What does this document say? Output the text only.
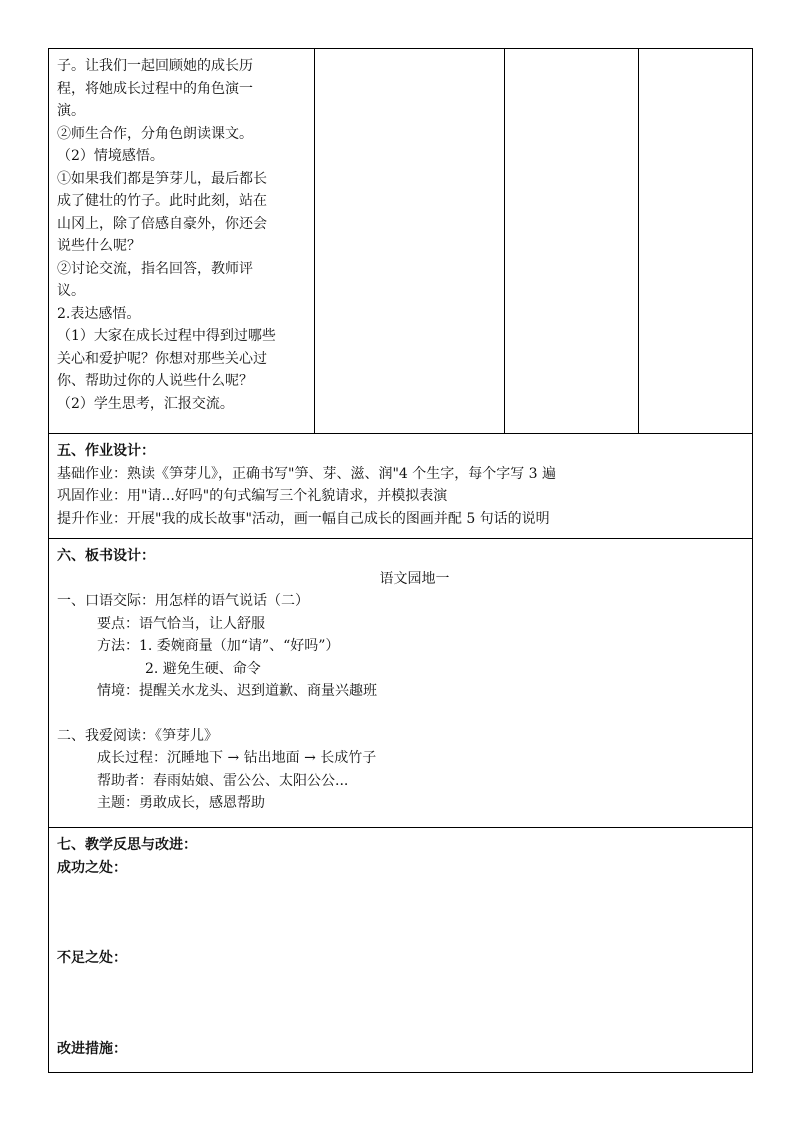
子。让我们一起回顾她的成长历
程，将她成长过程中的角色演一
演。
②师生合作，分角色朗读课文。
（2）情境感悟。
①如果我们都是笋芽儿，最后都长
成了健壮的竹子。此时此刻，站在
山冈上，除了倍感自豪外，你还会
说些什么呢？
②讨论交流，指名回答，教师评
议。
2.表达感悟。
（1）大家在成长过程中得到过哪些
关心和爱护呢？你想对那些关心过
你、帮助过你的人说些什么呢？
（2）学生思考，汇报交流。

五、作业设计：
基础作业：熟读《笋芽儿》，正确书写"笋、芽、滋、润"4 个生字，每个字写 3 遍
巩固作业：用"请...好吗"的句式编写三个礼貌请求，并模拟表演
提升作业：开展"我的成长故事"活动，画一幅自己成长的图画并配 5 句话的说明

六、板书设计：
语文园地一
一、口语交际：用怎样的语气说话（二）
要点：语气恰当，让人舒服
方法：1. 委婉商量（加“请”、“好吗”）
2. 避免生硬、命令
情境：提醒关水龙头、迟到道歉、商量兴趣班
二、我爱阅读：《笋芽儿》
成长过程：沉睡地下 → 钻出地面 → 长成竹子
帮助者：春雨姑娘、雷公公、太阳公公...
主题：勇敢成长，感恩帮助

七、教学反思与改进：
成功之处：
不足之处：
改进措施：
